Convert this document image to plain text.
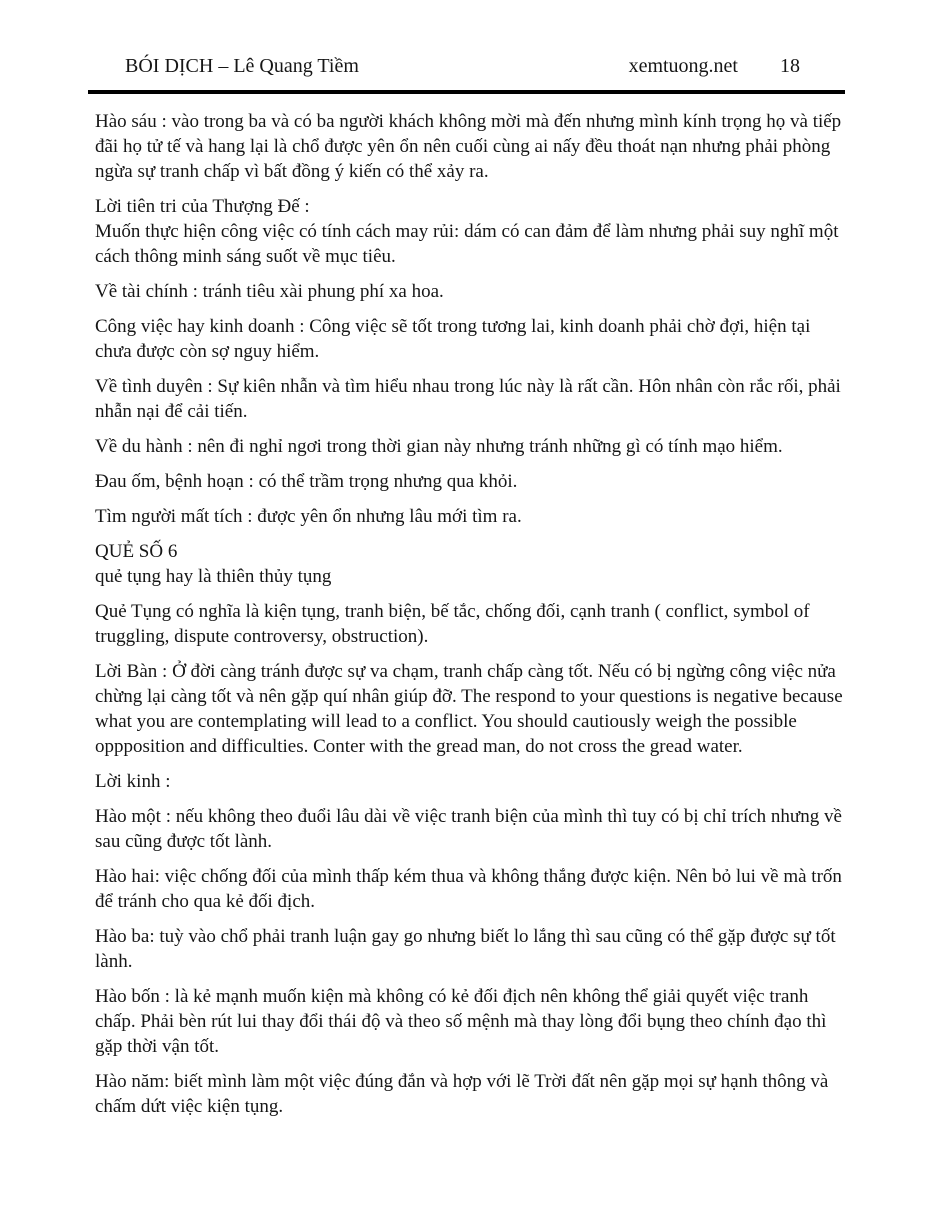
BÓI DỊCH – Lê Quang Tiềm	xemtuong.net 18

Hào sáu : vào trong ba và có ba người khách không mời mà đến nhưng mình kính trọng họ và tiếp đãi họ tử tế và hang lại là chổ được yên ổn nên cuối cùng ai nấy đều thoát nạn nhưng phải phòng ngừa sự tranh chấp vì bất đồng ý kiến có thể xảy ra.

Lời tiên tri của Thượng Đế :

Muốn thực hiện công việc có tính cách may rủi: dám có can đảm để làm nhưng phải suy nghĩ một cách thông minh sáng suốt về mục tiêu.

Về tài chính : tránh tiêu xài phung phí xa hoa.

Công việc hay kinh doanh : Công việc sẽ tốt trong tương lai, kinh doanh phải chờ đợi, hiện tại chưa được còn sợ nguy hiểm.

Về tình duyên : Sự kiên nhẫn và tìm hiểu nhau trong lúc này là rất cần. Hôn nhân còn rắc rối, phải nhẫn nại để cải tiến.

Về du hành : nên đi nghỉ ngơi trong thời gian này nhưng tránh những gì có tính mạo hiểm.

Đau ốm, bệnh hoạn : có thể trầm trọng nhưng qua khỏi.

Tìm người mất tích : được yên ổn nhưng lâu mới tìm ra.

QUẺ SỐ 6

quẻ tụng hay là thiên thủy tụng

Quẻ Tụng có nghĩa là kiện tụng, tranh biện, bế tắc, chống đối, cạnh tranh ( conflict, symbol of truggling, dispute controversy, obstruction).

Lời Bàn : Ở đời càng tránh được sự va chạm, tranh chấp càng tốt. Nếu có bị ngừng công việc nửa chừng lại càng tốt và nên gặp quí nhân giúp đỡ. The respond to your questions is negative because what you are contemplating will lead to a conflict. You should cautiously weigh the possible oppposition and difficulties. Conter with the gread man, do not cross the gread water.

Lời kinh :

Hào một : nếu không theo đuổi lâu dài về việc tranh biện của mình thì tuy có bị chỉ trích nhưng về sau cũng được tốt lành.

Hào hai: việc chống đối của mình thấp kém thua và không thắng được kiện. Nên bỏ lui về mà trốn để tránh cho qua kẻ đối địch.

Hào ba: tuỳ vào chổ phải tranh luận gay go nhưng biết lo lắng thì sau cũng có thể gặp được sự tốt lành.

Hào bốn : là kẻ mạnh muốn kiện mà không có kẻ đối địch nên không thể giải quyết việc tranh chấp. Phải bèn rút lui thay đổi thái độ và theo số mệnh mà thay lòng đổi bụng theo chính đạo thì gặp thời vận tốt.

Hào năm: biết mình làm một việc đúng đắn và hợp với lẽ Trời đất nên gặp mọi sự hạnh thông và chấm dứt việc kiện tụng.
